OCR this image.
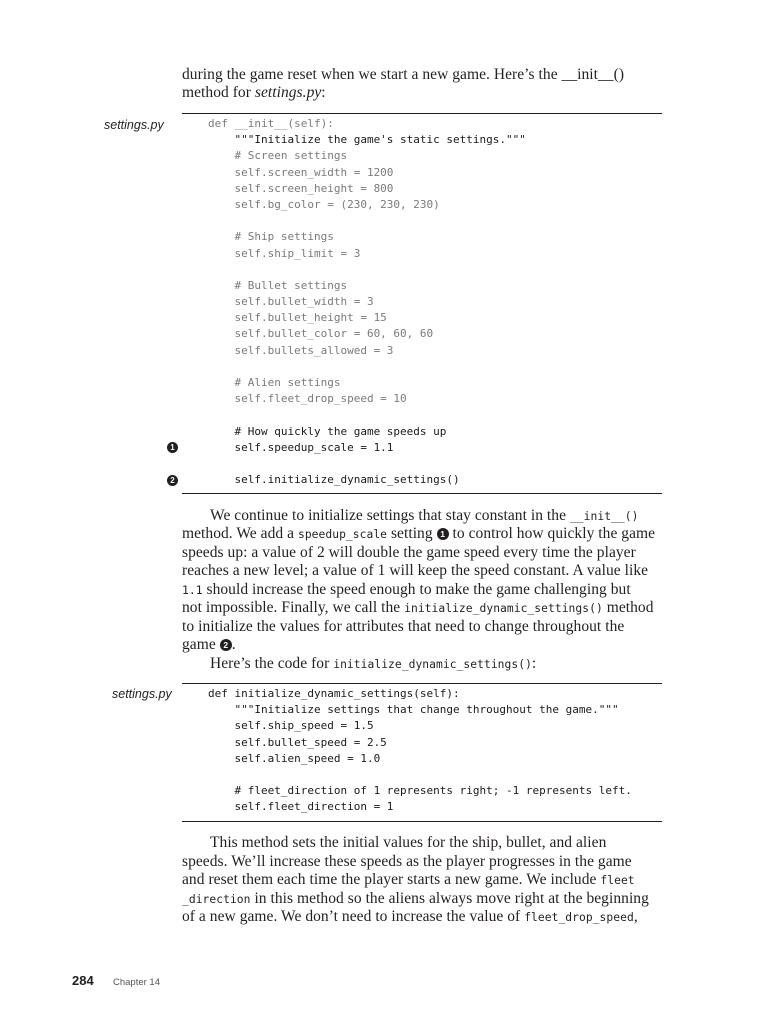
during the game reset when we start a new game. Here’s the __init__()
method for settings.py:
settings.py	def __init__(self):
"""Initialize the game's static settings."""
# Screen settings
self.screen_width = 1200
self.screen_height = 800
self.bg_color = (230, 230, 230)

# Ship settings
self.ship_limit = 3

# Bullet settings
self.bullet_width = 3
self.bullet_height = 15
self.bullet_color = 60, 60, 60
self.bullets_allowed = 3

# Alien settings
self.fleet_drop_speed = 10

# How quickly the game speeds up
self.speedup_scale = 1.1

self.initialize_dynamic_settings()
1
2
We continue to initialize settings that stay constant in the __init__()
method. We add a speedup_scale setting 1 to control how quickly the game
speeds up: a value of 2 will double the game speed every time the player
reaches a new level; a value of 1 will keep the speed constant. A value like
1.1 should increase the speed enough to make the game challenging but
not impossible. Finally, we call the initialize_dynamic_settings() method
to initialize the values for attributes that need to change throughout the
game 2 .
Here’s the code for initialize_dynamic_settings():
settings.py	def initialize_dynamic_settings(self):
"""Initialize settings that change throughout the game."""
self.ship_speed = 1.5
self.bullet_speed = 2.5
self.alien_speed = 1.0

# fleet_direction of 1 represents right; -1 represents left.
self.fleet_direction = 1
This method sets the initial values for the ship, bullet, and alien
speeds. We’ll increase these speeds as the player progresses in the game
and reset them each time the player starts a new game. We include fleet
_direction in this method so the aliens always move right at the beginning
of a new game. We don’t need to increase the value of fleet_drop_speed,
284 Chapter 14
